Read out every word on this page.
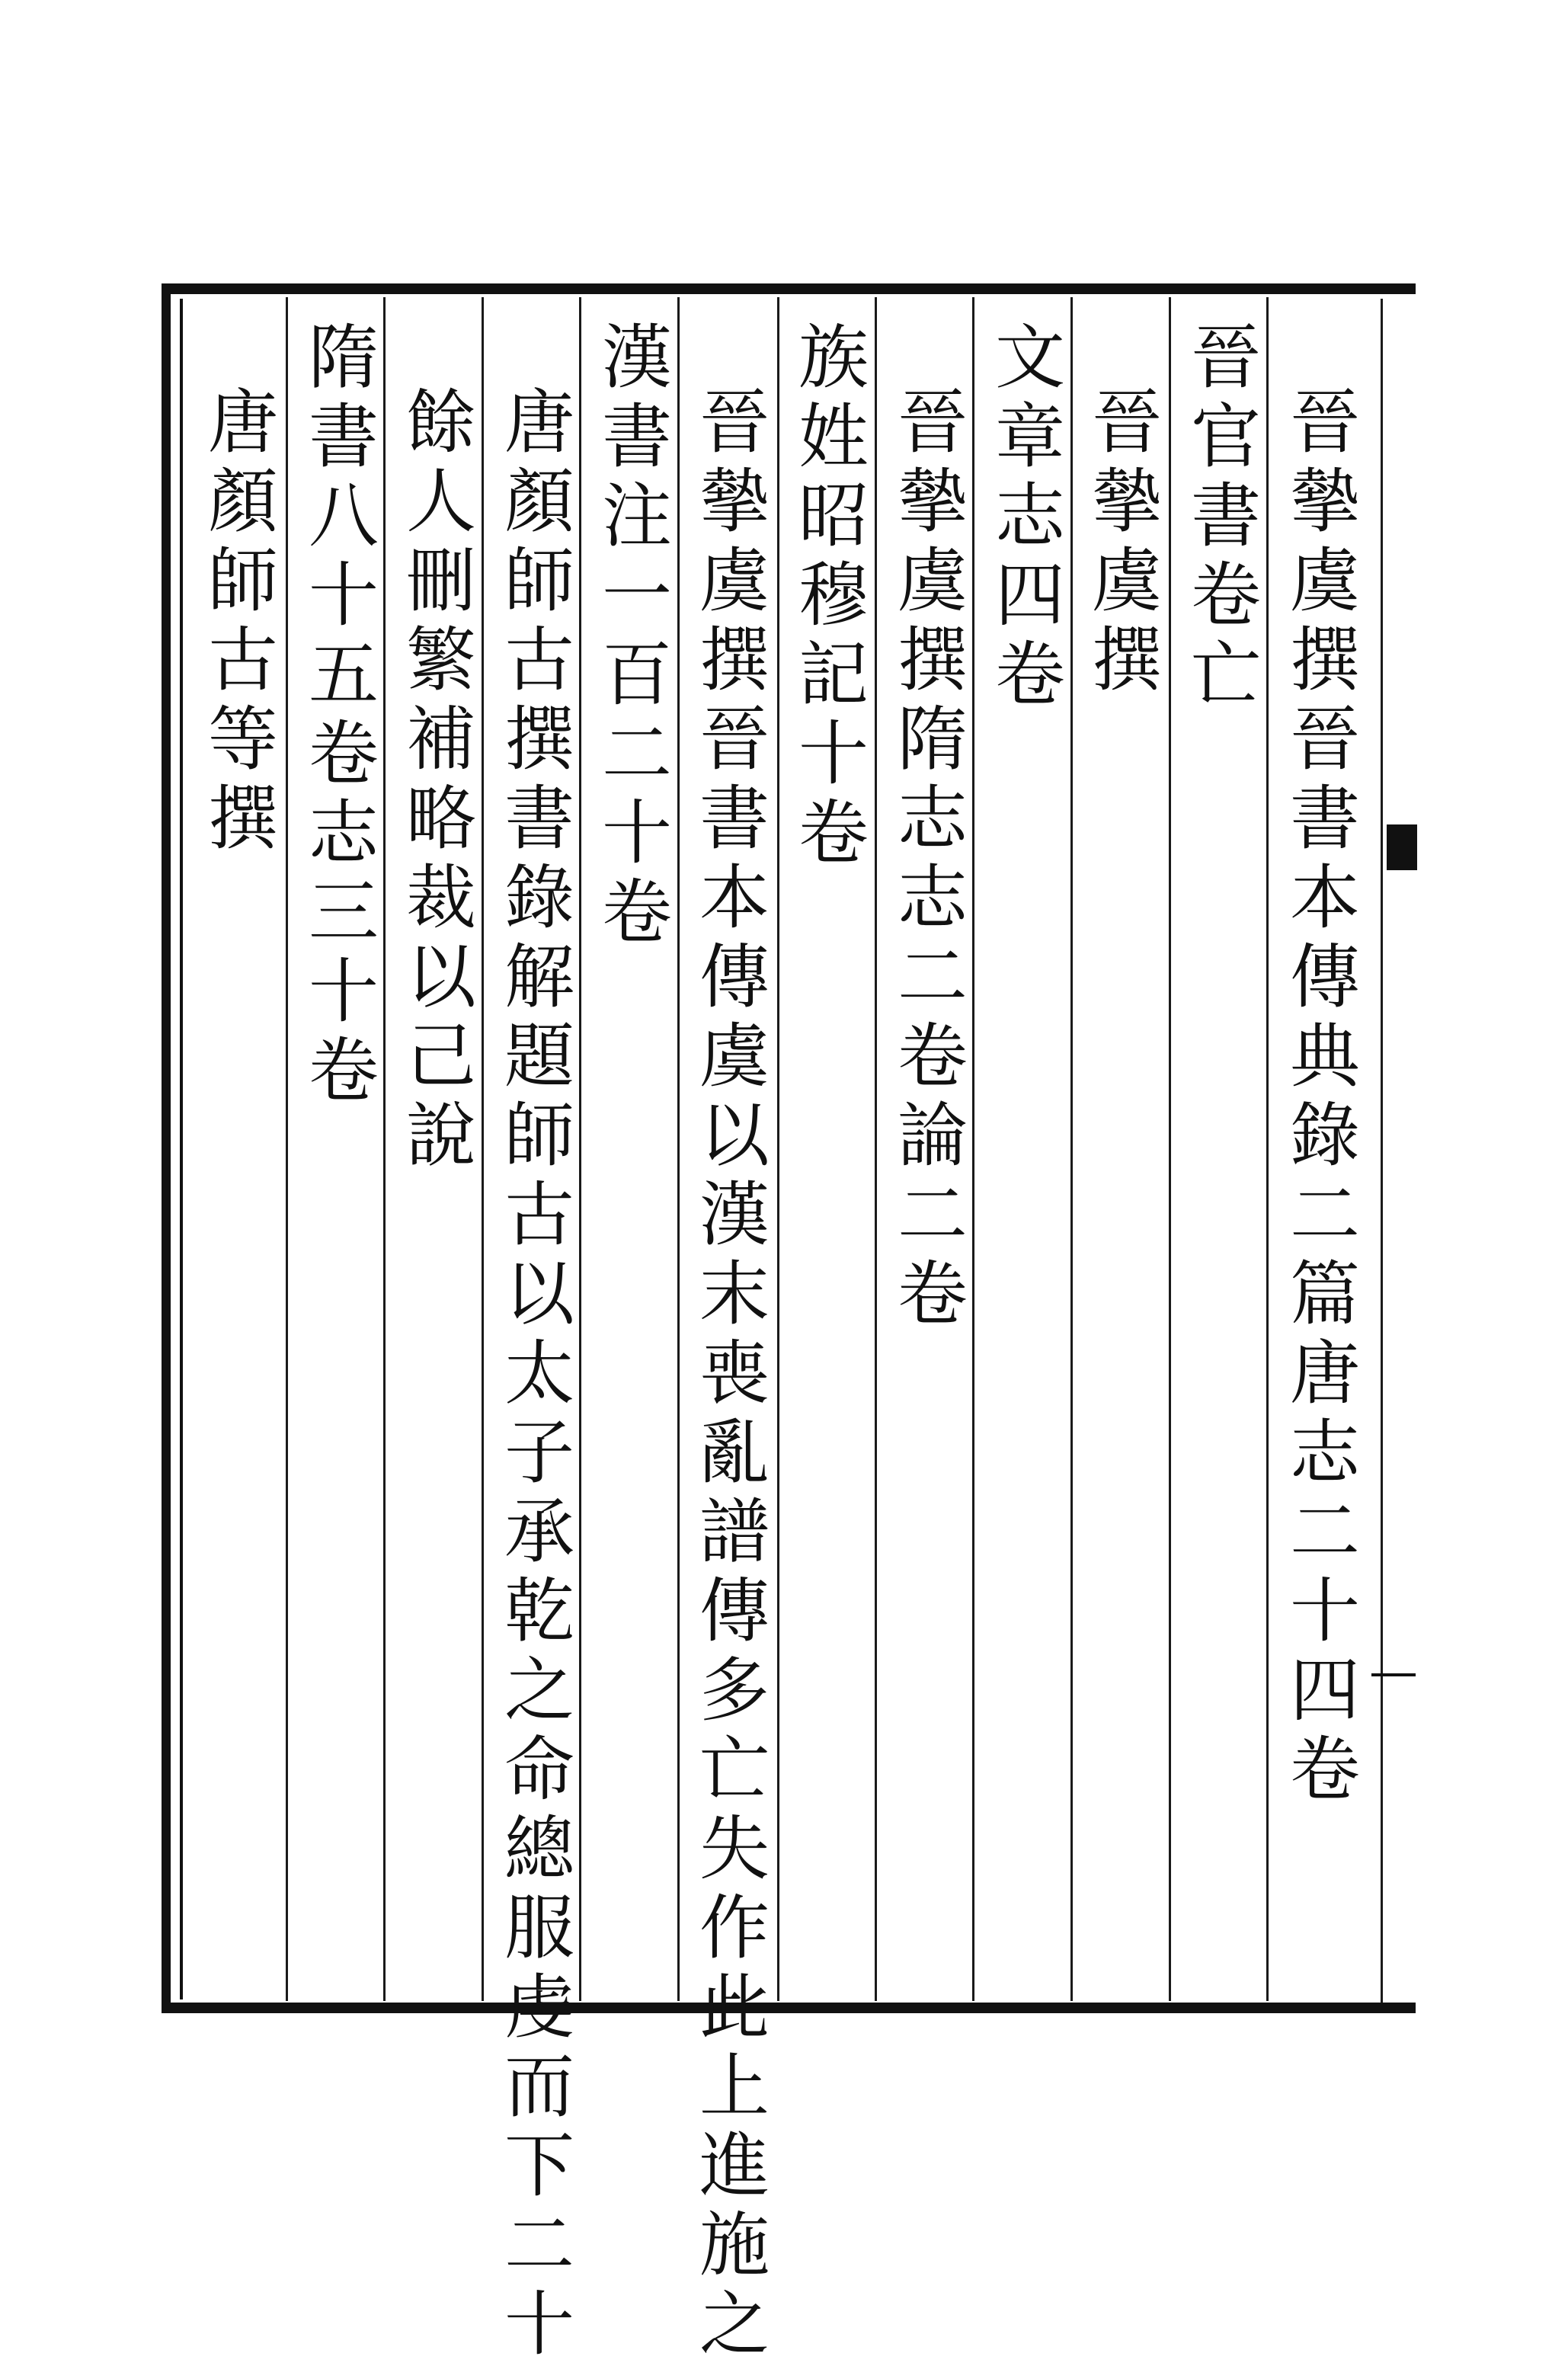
晉摰虞撰晉書本傳典錄二篇唐志二十四卷
晉官書卷亡
晉摰虞撰
文章志四卷
晉摰虞撰隋志志二卷論二卷
族姓昭穆記十卷
晉摰虞撰晉書本傳虞以漢末喪亂譜傳多亡失作此上進施之
漢書注一百二十卷
唐顏師古撰書錄解題師古以太子承乾之命總服虔而下二十
餘人刪繁補略裁以己說
隋書八十五卷志三十卷
唐顏師古等撰
